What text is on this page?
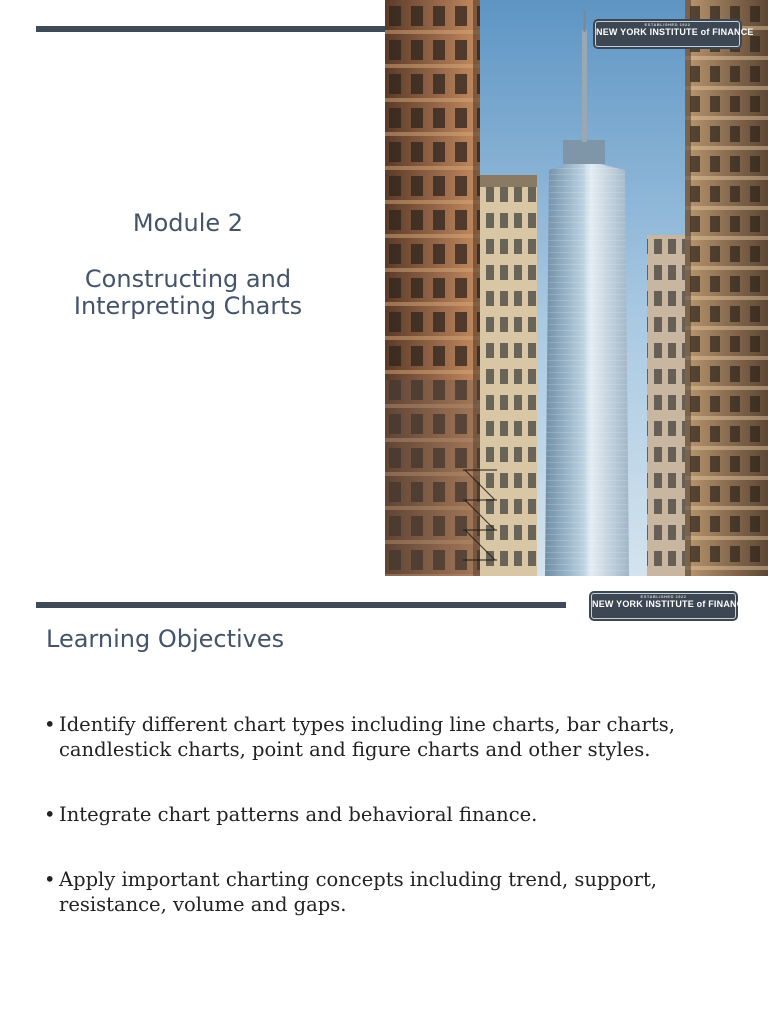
Module 2
Constructing and
Interpreting Charts
ESTABLISHED 1922
NEW YORK INSTITUTE of FINANCE
ESTABLISHED 1922
NEW YORK INSTITUTE of FINANCE
Learning Objectives
• Identify different chart types including line charts, bar charts,
candlestick charts, point and figure charts and other styles.
• Integrate chart patterns and behavioral finance.
• Apply important charting concepts including trend, support,
resistance, volume and gaps.
